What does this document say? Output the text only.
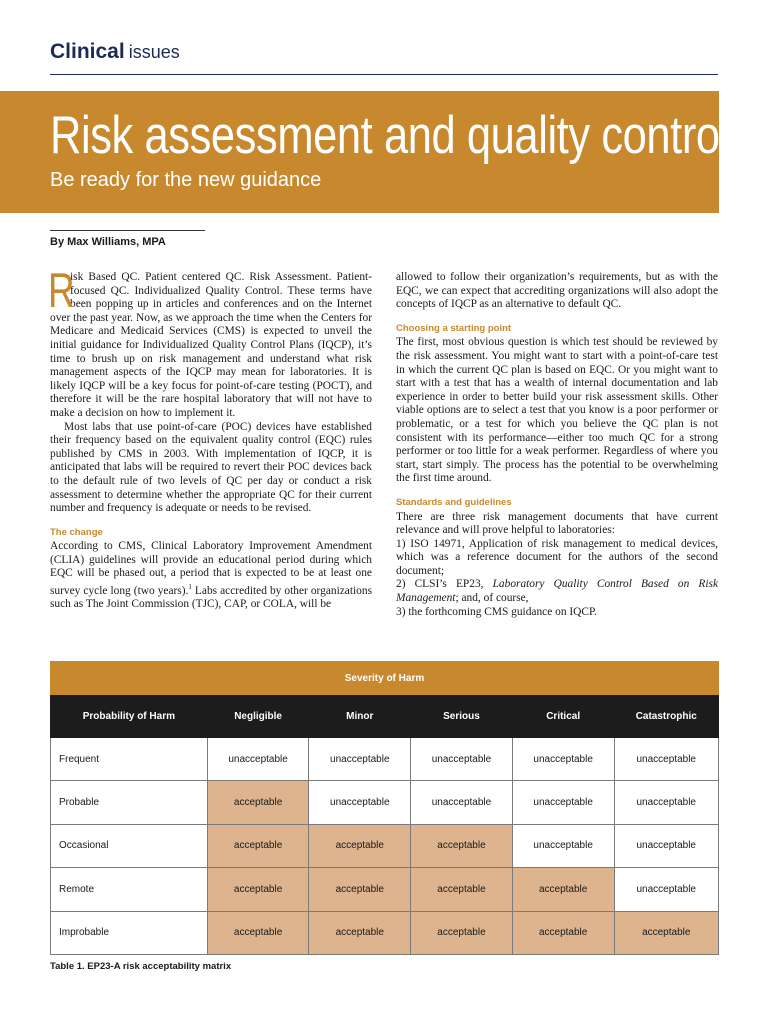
Clinical issues
Risk assessment and quality control
Be ready for the new guidance
By Max Williams, MPA

R
isk Based QC. Patient centered QC. Risk Assessment. Patient-focused QC. Individualized Quality Control. These terms have been popping up in articles and conferences and on the Internet over the past year. Now, as we approach the time when the Centers for Medicare and Medicaid Services (CMS) is expected to unveil the initial guidance for Individualized Quality Control Plans (IQCP), it’s time to brush up on risk management and understand what risk management aspects of the IQCP may mean for laboratories. It is likely IQCP will be a key focus for point-of-care testing (POCT), and therefore it will be the rare hospital laboratory that will not have to make a decision on how to implement it.

Most labs that use point-of-care (POC) devices have established their frequency based on the equivalent quality control (EQC) rules published by CMS in 2003. With implementation of IQCP, it is anticipated that labs will be required to revert their POC devices back to the default rule of two levels of QC per day or conduct a risk assessment to determine whether the appropriate QC for their current number and frequency is adequate or needs to be revised.

The change

According to CMS, Clinical Laboratory Improvement Amendment (CLIA) guidelines will provide an educational period during which EQC will be phased out, a period that is expected to be at least one survey cycle long (two years).$^1$ Labs accredited by other organizations such as The Joint Commission (TJC), CAP, or COLA, will be

allowed to follow their organization’s requirements, but as with the EQC, we can expect that accrediting organizations will also adopt the concepts of IQCP as an alternative to default QC.

Choosing a starting point

The first, most obvious question is which test should be reviewed by the risk assessment. You might want to start with a point-of-care test in which the current QC plan is based on EQC. Or you might want to start with a test that has a wealth of internal documentation and lab experience in order to better build your risk assessment skills. Other viable options are to select a test that you know is a poor performer or problematic, or a test for which you believe the QC plan is not consistent with its performance—either too much QC for a strong performer or too little for a weak performer. Regardless of where you start, start simply. The process has the potential to be overwhelming the first time around.

Standards and guidelines

There are three risk management documents that have current relevance and will prove helpful to laboratories:

1) ISO 14971, Application of risk management to medical devices, which was a reference document for the authors of the second document;

2) CLSI’s EP23, Laboratory Quality Control Based on Risk Management; and, of course,

3) the forthcoming CMS guidance on IQCP.

Severity of Harm					
Probability of Harm	Negligible	Minor	Serious	Critical	Catastrophic
Frequent	unacceptable	unacceptable	unacceptable	unacceptable	unacceptable
Probable	acceptable	unacceptable	unacceptable	unacceptable	unacceptable
Occasional	acceptable	acceptable	acceptable	unacceptable	unacceptable
Remote	acceptable	acceptable	acceptable	acceptable	unacceptable
Improbable	acceptable	acceptable	acceptable	acceptable	acceptable
Table 1. EP23-A risk acceptability matrix
